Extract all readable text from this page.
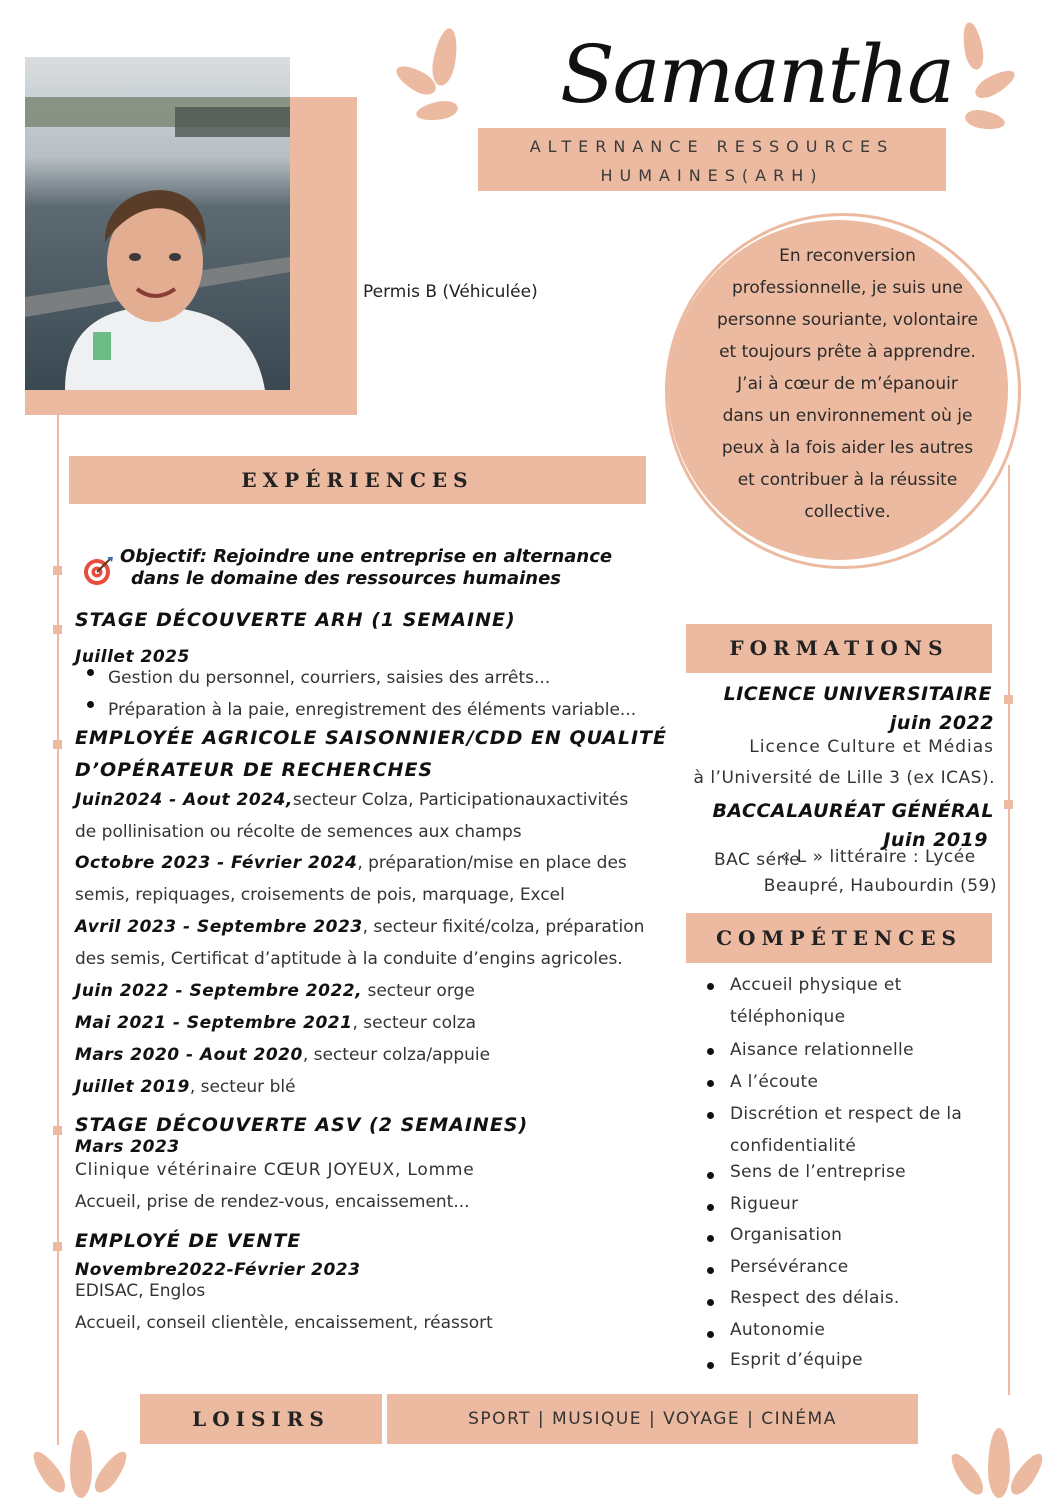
Samantha
ALTERNANCE RESSOURCES
HUMAINES(ARH)
Permis B (Véhiculée)
En reconversion
professionnelle, je suis une
personne souriante, volontaire
et toujours prête à apprendre.
J’ai à cœur de m’épanouir
dans un environnement où je
peux à la fois aider les autres
et contribuer à la réussite
collective.
EXPÉRIENCES
Objectif: Rejoindre une entreprise en alternance
dans le domaine des ressources humaines
STAGE DÉCOUVERTE ARH (1 SEMAINE)
Juillet 2025
Gestion du personnel, courriers, saisies des arrêts...
Préparation à la paie, enregistrement des éléments variable...
EMPLOYÉE AGRICOLE SAISONNIER/CDD EN QUALITÉ
D’OPÉRATEUR DE RECHERCHES
Juin2024 - Aout 2024,secteur Colza, Participationauxactivités
de pollinisation ou récolte de semences aux champs
Octobre 2023 - Février 2024, préparation/mise en place des
semis, repiquages, croisements de pois, marquage, Excel
Avril 2023 - Septembre 2023, secteur fixité/colza, préparation
des semis, Certificat d’aptitude à la conduite d’engins agricoles.
Juin 2022 - Septembre 2022, secteur orge
Mai 2021 - Septembre 2021, secteur colza
Mars 2020 - Aout 2020, secteur colza/appuie
Juillet 2019, secteur blé
STAGE DÉCOUVERTE ASV (2 SEMAINES)
Mars 2023
Clinique vétérinaire CŒUR JOYEUX, Lomme
Accueil, prise de rendez-vous, encaissement...
EMPLOYÉ DE VENTE
Novembre2022-Février 2023
EDISAC, Englos
Accueil, conseil clientèle, encaissement, réassort
FORMATIONS
LICENCE UNIVERSITAIRE
juin 2022
Licence Culture et Médias
à l’Université de Lille 3 (ex ICAS).
BACCALAURÉAT GÉNÉRAL
Juin 2019
BAC série
« L » littéraire : Lycée
Beaupré, Haubourdin (59)
COMPÉTENCES
Accueil physique et
téléphonique
Aisance relationnelle
A l’écoute
Discrétion et respect de la
confidentialité
Sens de l’entreprise
Rigueur
Organisation
Persévérance
Respect des délais.
Autonomie
Esprit d’équipe
LOISIRS	SPORT | MUSIQUE | VOYAGE | CINÉMA
